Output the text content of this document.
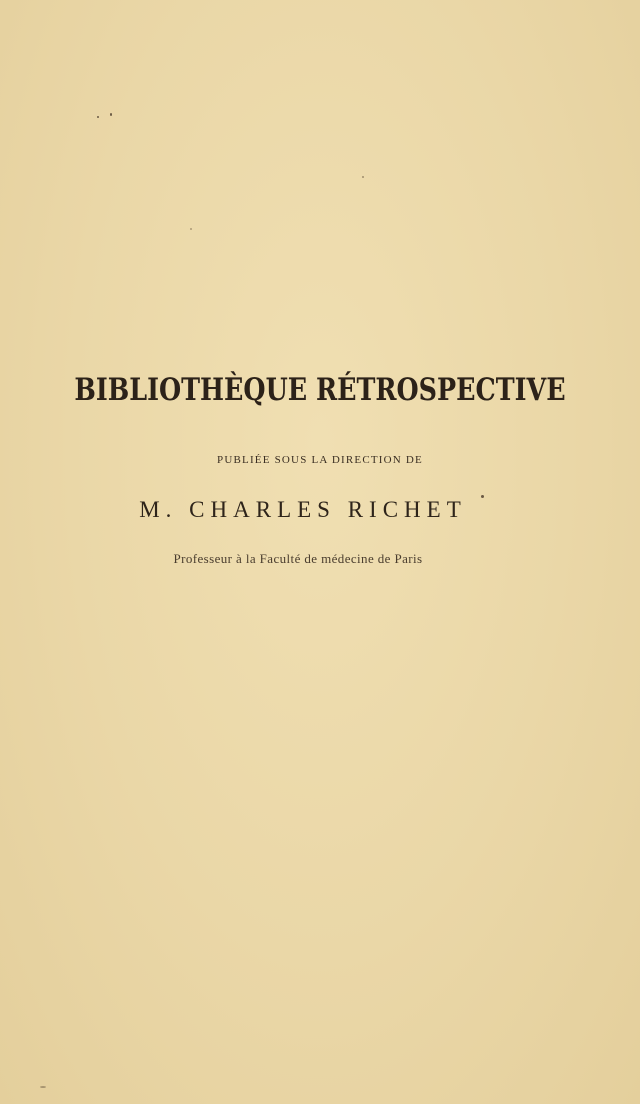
BIBLIOTHÈQUE RÉTROSPECTIVE
PUBLIÉE SOUS LA DIRECTION DE
M. CHARLES RICHET
Professeur à la Faculté de médecine de Paris
